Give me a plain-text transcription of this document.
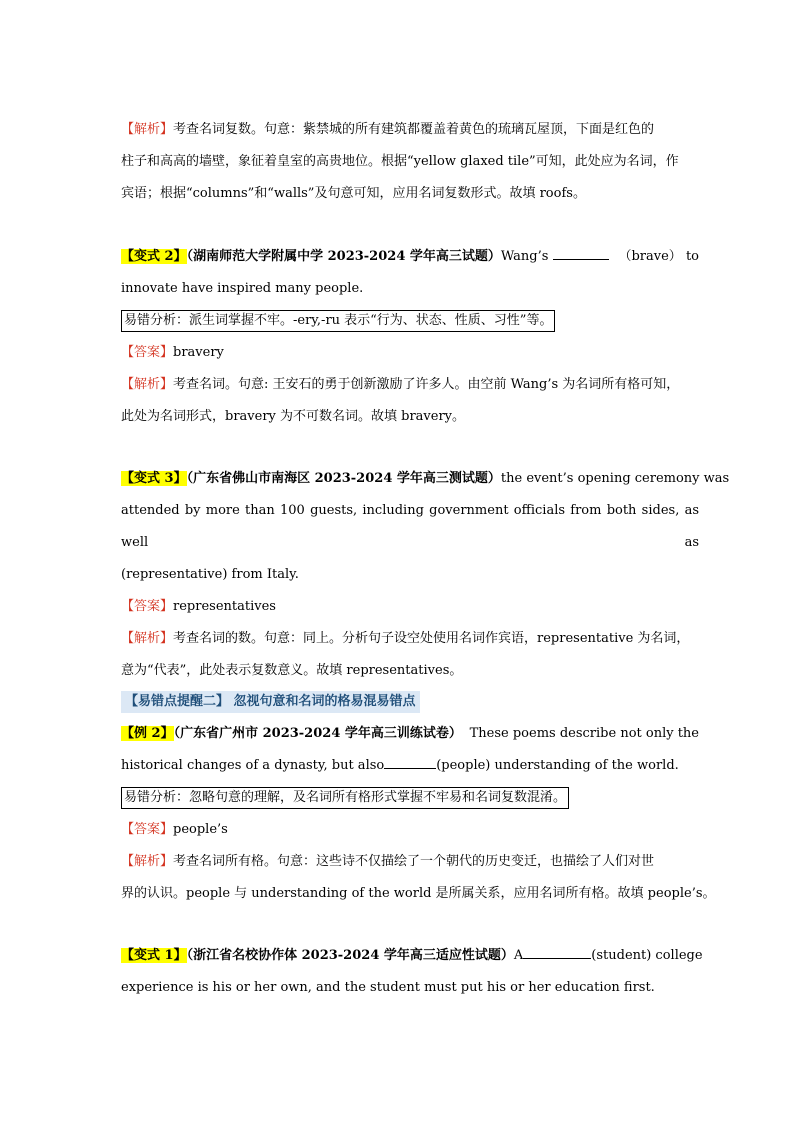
【解析】考查名词复数。句意：紫禁城的所有建筑都覆盖着黄色的琉璃瓦屋顶，下面是红色的
柱子和高高的墙壁，象征着皇室的高贵地位。根据“yellow glaxed tile”可知，此处应为名词，作
宾语；根据“columns”和“walls”及句意可知，应用名词复数形式。故填 roofs。
【变式 2】（湖南师范大学附属中学 2023-2024 学年高三试题）Wang’s	（brave） to
innovate have inspired many people.
易错分析：派生词掌握不牢。-ery,-ru 表示“行为、状态、性质、习性”等。
【答案】bravery
【解析】考查名词。句意: 王安石的勇于创新激励了许多人。由空前 Wang’s 为名词所有格可知，
此处为名词形式，bravery 为不可数名词。故填 bravery。
【变式 3】（广东省佛山市南海区 2023-2024 学年高三测试题） the event’s opening ceremony was
attended by more than 100 guests, including government officials from both sides, as well as
(representative) from Italy.
【答案】representatives
【解析】考查名词的数。句意：同上。分析句子设空处使用名词作宾语，representative 为名词，
意为“代表”，此处表示复数意义。故填 representatives。
【易错点提醒二】 忽视句意和名词的格易混易错点
【例 2】（广东省广州市 2023-2024 学年高三训练试卷） These poems describe not only the
historical changes of a dynasty, but also	(people) understanding of the world.
易错分析：忽略句意的理解，及名词所有格形式掌握不牢易和名词复数混淆。
【答案】people’s
【解析】考查名词所有格。句意：这些诗不仅描绘了一个朝代的历史变迁，也描绘了人们对世
界的认识。people 与 understanding of the world 是所属关系，应用名词所有格。故填 people’s。
【变式 1】（浙江省名校协作体 2023-2024 学年高三适应性试题）A	(student) college
experience is his or her own, and the student must put his or her education first.
